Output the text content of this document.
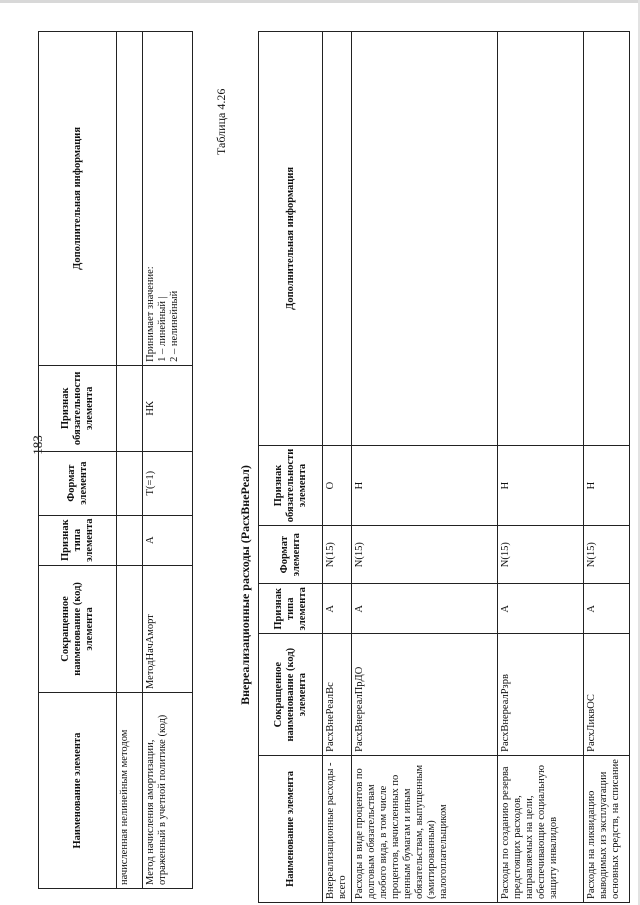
183
Наименование элемента	Сокращенное наименование (код) элемента	Признак типа элемента	Формат элемента	Признак обязательности элемента	Дополнительная информация
начисленная нелинейным методом					
Метод начисления амортизации, отраженный в учетной политике (код)	МетодНачАморт	А	Т(=1)	НК	Принимает значение:
1 – линейный |
2 – нелинейный
Таблица 4.26
Внереализационные расходы (РасхВнеРеал)
Наименование элемента	Сокращенное наименование (код) элемента	Признак типа элемента	Формат элемента	Признак обязательности элемента	Дополнительная информация
Внереализационные расходы - всего	РасхВнеРеалВс	А	N(15)	О	
Расходы в виде процентов по долговым обязательствам любого вида, в том числе процентов, начисленных по ценным бумагам и иным обязательствам, выпущенным (эмитированным) налогоплательщиком	РасхВнереалПрДО	А	N(15)	Н	
Расходы по созданию резерва предстоящих расходов, направляемых на цели, обеспечивающие социальную защиту инвалидов	РасхВнереалРзрв	А	N(15)	Н	
Расходы на ликвидацию выводимых из эксплуатации основных средств, на списание	РасхЛиквОС	А	N(15)	Н	
